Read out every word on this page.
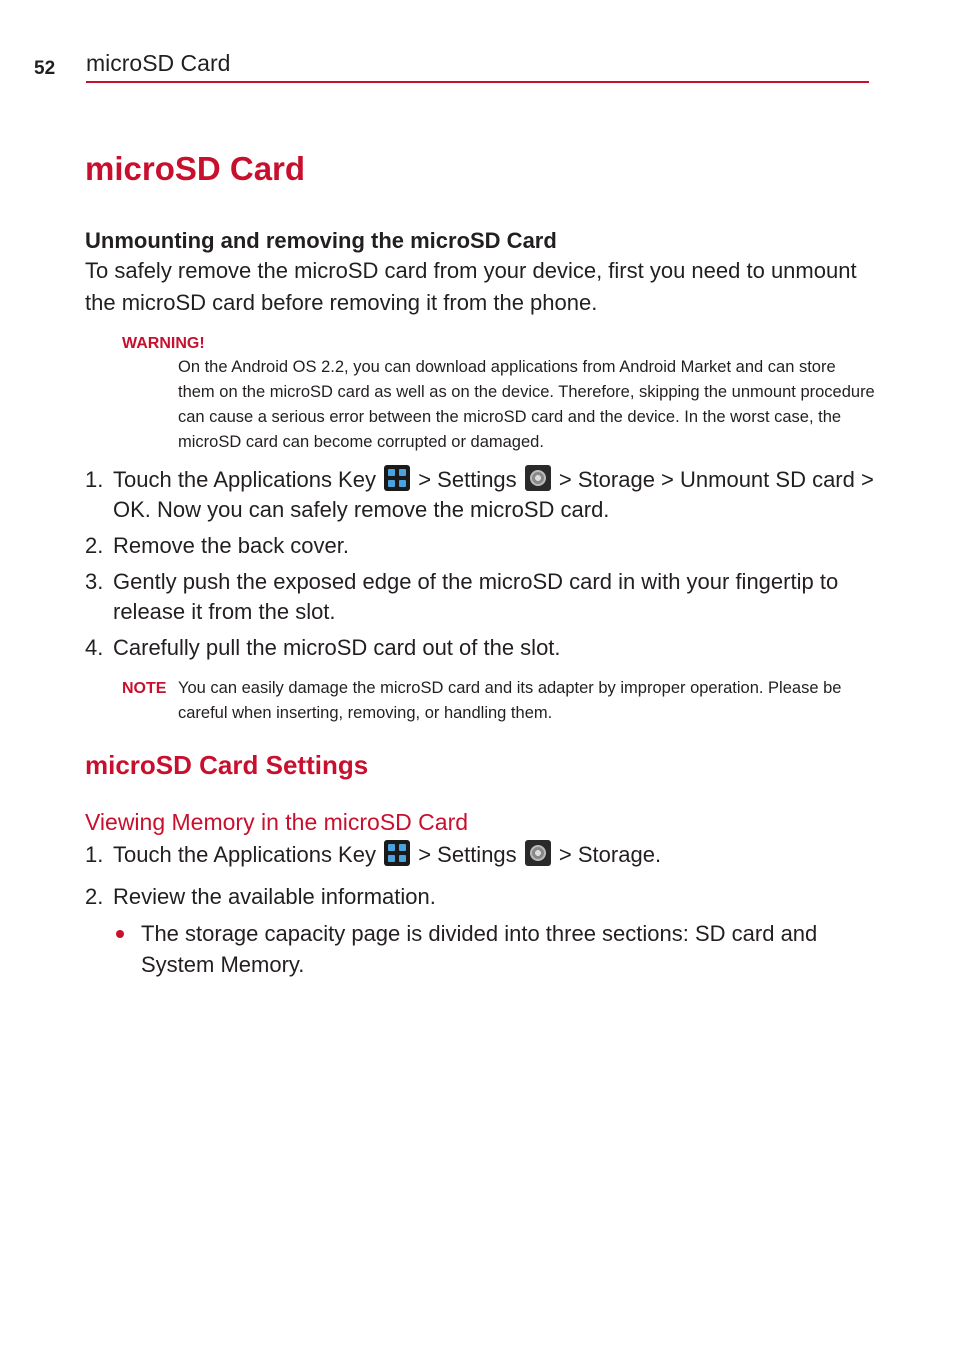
52 microSD Card
microSD Card
Unmounting and removing the microSD Card

To safely remove the microSD card from your device, first you need to unmount the microSD card before removing it from the phone.

WARNING!
On the Android OS 2.2, you can download applications from Android Market and can store them on the microSD card as well as on the device. Therefore, skipping the unmount procedure can cause a serious error between the microSD card and the device. In the worst case, the microSD card can become corrupted or damaged.
1. Touch the Applications Key
> Settings
> Storage > Unmount SD card > OK. Now you can safely remove the microSD card.
2. Remove the back cover.
3. Gently push the exposed edge of the microSD card in with your fingertip to release it from the slot.
4. Carefully pull the microSD card out of the slot.
NOTE You can easily damage the microSD card and its adapter by improper operation. Please be careful when inserting, removing, or handling them.
microSD Card Settings
Viewing Memory in the microSD Card
1. Touch the Applications Key
> Settings
> Storage.
2. Review the available information.
The storage capacity page is divided into three sections: SD card and System Memory.
